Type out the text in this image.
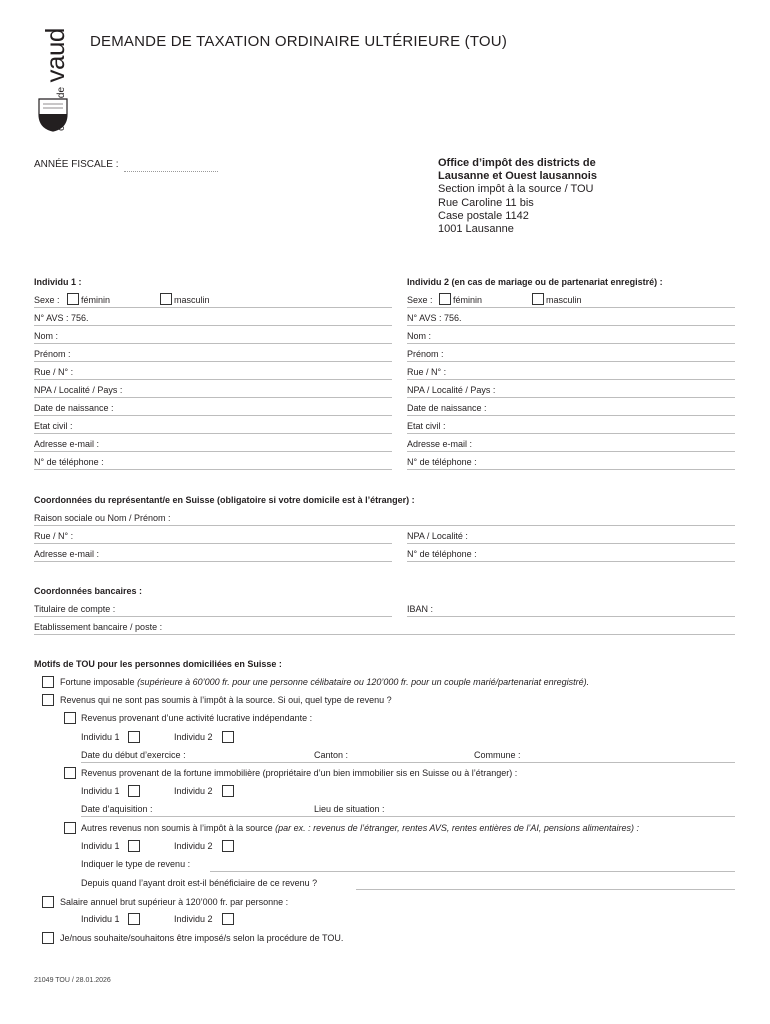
vaud DEMANDE DE TAXATION ORDINAIRE ULTÉRIEURE (TOU)
ANNÉE FISCALE :	Office d’impôt des districts de
Lausanne et Ouest lausannois
Section impôt à la source / TOU
Rue Caroline 11 bis
Case postale 1142
1001 Lausanne
Individu 1 :
Sexe : féminin	masculin
N° AVS : 756.
Nom :
Prénom :
Rue / N° :
NPA / Localité / Pays :
Date de naissance :
Etat civil :
Adresse e-mail :
N° de téléphone :
Individu 2 (en cas de mariage ou de partenariat enregistré) :
Sexe : féminin	masculin
N° AVS : 756.
Nom :
Prénom :
Rue / N° :
NPA / Localité / Pays :
Date de naissance :
Etat civil :
Adresse e-mail :
N° de téléphone :
Coordonnées du représentant/e en Suisse (obligatoire si votre domicile est à l’étranger) :
Raison sociale ou Nom / Prénom :
Rue / N° :	NPA / Localité :
Adresse e-mail :	N° de téléphone :
Coordonnées bancaires :
Titulaire de compte :	IBAN :
Etablissement bancaire / poste :
Motifs de TOU pour les personnes domiciliées en Suisse :
Fortune imposable (supérieure à 60’000 fr. pour une personne célibataire ou 120’000 fr. pour un couple marié/partenariat enregistré).
Revenus qui ne sont pas soumis à l’impôt à la source. Si oui, quel type de revenu ?
Revenus provenant d’une activité lucrative indépendante :
Individu 1	Individu 2
Date du début d’exercice :	Canton :	Commune :
Revenus provenant de la fortune immobilière (propriétaire d’un bien immobilier sis en Suisse ou à l’étranger) :
Individu 1	Individu 2
Date d’aquisition :	Lieu de situation :
Autres revenus non soumis à l’impôt à la source (par ex. : revenus de l’étranger, rentes AVS, rentes entières de l’AI, pensions alimentaires) :
Individu 1	Individu 2
Indiquer le type de revenu :
Depuis quand l’ayant droit est-il bénéficiaire de ce revenu ?
Salaire annuel brut supérieur à 120’000 fr. par personne :
Individu 1	Individu 2
Je/nous souhaite/souhaitons être imposé/s selon la procédure de TOU.
21049 TOU / 28.01.2026
